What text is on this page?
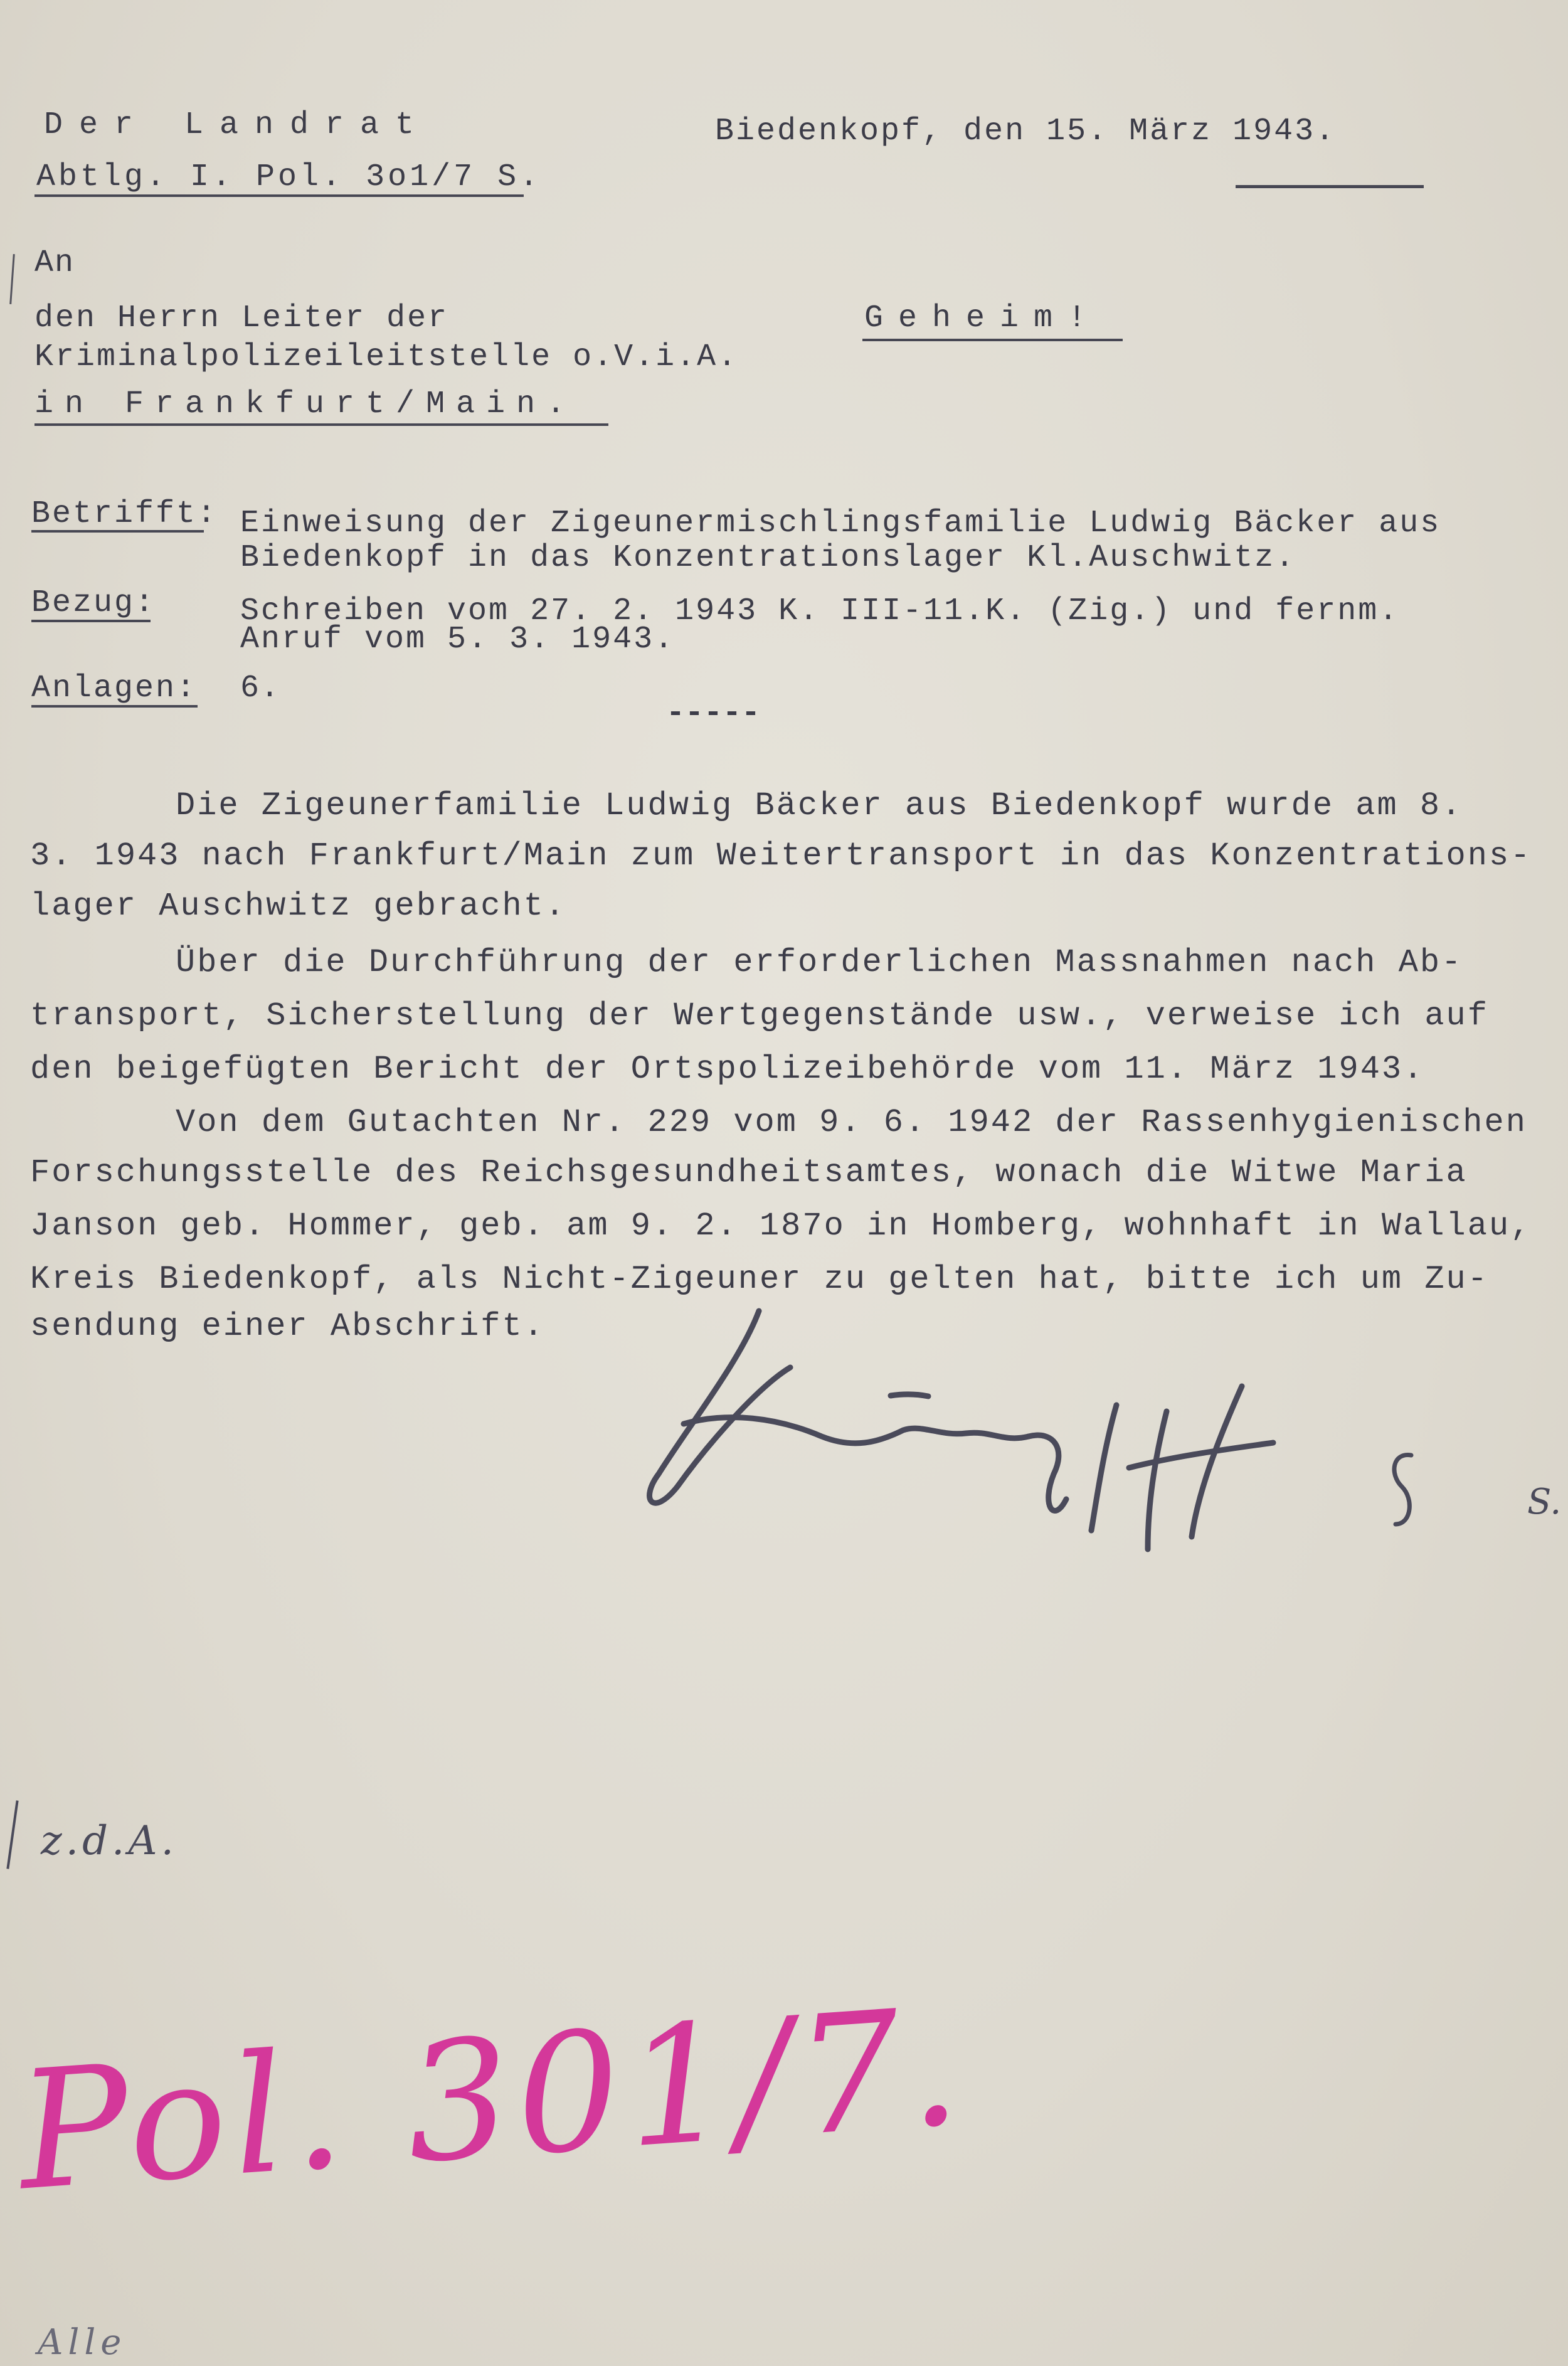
Der Landrat

Abtlg. I. Pol. 3o1/7 S.

Biedenkopf, den 15. März 1943.

An

den Herrn Leiter der

Kriminalpolizeileitstelle o.V.i.A.

in Frankfurt/Main.

Geheim!

Betrifft: Einweisung der Zigeunermischlingsfamilie Ludwig Bäcker aus

Biedenkopf in das Konzentrationslager Kl.Auschwitz.

Bezug:	Schreiben vom 27. 2. 1943 K. III-11.K. (Zig.) und fernm.

Anruf vom 5. 3. 1943.

Anlagen: 6.

-----

Die Zigeunerfamilie Ludwig Bäcker aus Biedenkopf wurde am 8.

3. 1943 nach Frankfurt/Main zum Weitertransport in das Konzentrations-

lager Auschwitz gebracht.

Über die Durchführung der erforderlichen Massnahmen nach Ab-

transport, Sicherstellung der Wertgegenstände usw., verweise ich auf

den beigefügten Bericht der Ortspolizeibehörde vom 11. März 1943.

Von dem Gutachten Nr. 229 vom 9. 6. 1942 der Rassenhygienischen

Forschungsstelle des Reichsgesundheitsamtes, wonach die Witwe Maria

Janson geb. Hommer, geb. am 9. 2. 187o in Homberg, wohnhaft in Wallau,

Kreis Biedenkopf, als Nicht-Zigeuner zu gelten hat, bitte ich um Zu-

sendung einer Abschrift.

S.

z.d.A.

Pol. 301/7.

Alle
